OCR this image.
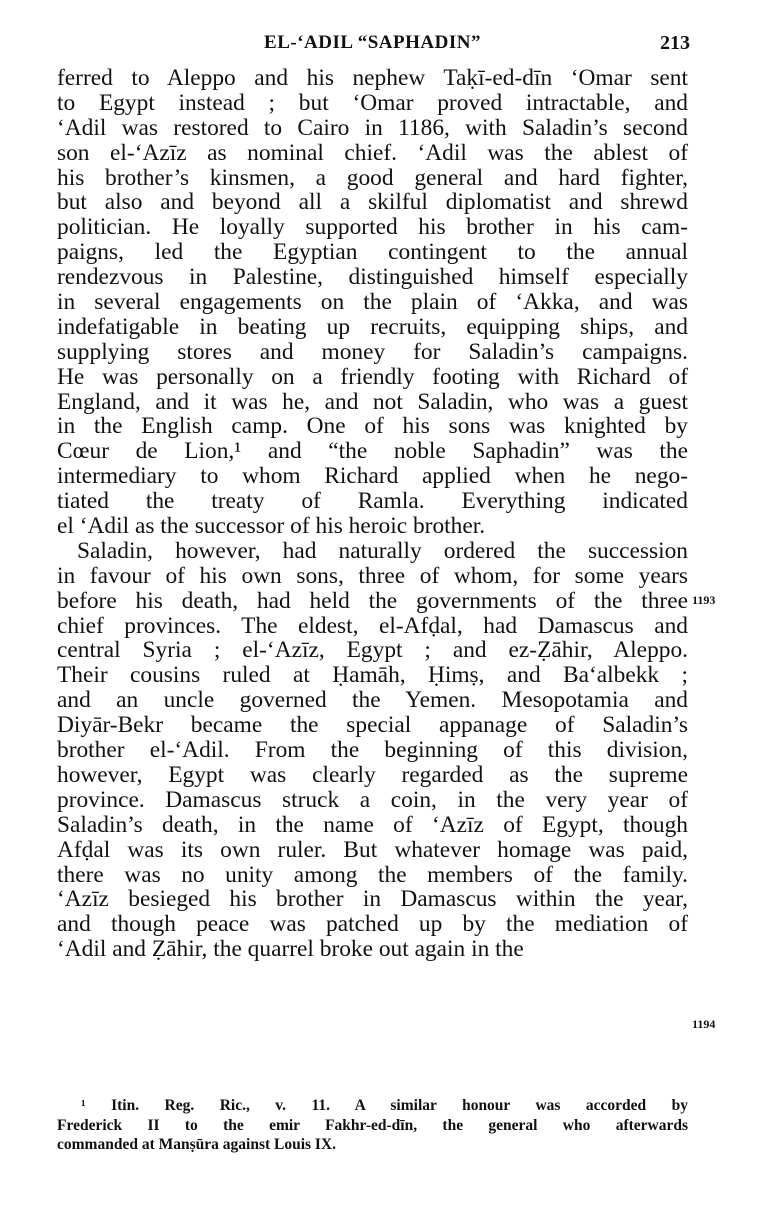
EL-‘ADIL “SAPHADIN”	213
ferred to Aleppo and his nephew Taḳī-ed-dīn ‘Omar sent
to Egypt instead ; but ‘Omar proved intractable, and
‘Adil was restored to Cairo in 1186, with Saladin’s second
son el-‘Azīz as nominal chief. ‘Adil was the ablest of
his brother’s kinsmen, a good general and hard fighter,
but also and beyond all a skilful diplomatist and shrewd
politician. He loyally supported his brother in his cam-
paigns, led the Egyptian contingent to the annual
rendezvous in Palestine, distinguished himself especially
in several engagements on the plain of ‘Akka, and was
indefatigable in beating up recruits, equipping ships, and
supplying stores and money for Saladin’s campaigns.
He was personally on a friendly footing with Richard of
England, and it was he, and not Saladin, who was a guest
in the English camp. One of his sons was knighted by
Cœur de Lion,¹ and “the noble Saphadin” was the
intermediary to whom Richard applied when he nego-
tiated the treaty of Ramla. Everything indicated
el ‘Adil as the successor of his heroic brother.
Saladin, however, had naturally ordered the succession
in favour of his own sons, three of whom, for some years
before his death, had held the governments of the three
chief provinces. The eldest, el-Afḍal, had Damascus and
central Syria ; el-‘Azīz, Egypt ; and ez-Ẓāhir, Aleppo.
Their cousins ruled at Ḥamāh, Ḥimṣ, and Ba‘albekk ;
and an uncle governed the Yemen. Mesopotamia and
Diyār-Bekr became the special appanage of Saladin’s
brother el-‘Adil. From the beginning of this division,
however, Egypt was clearly regarded as the supreme
province. Damascus struck a coin, in the very year of
Saladin’s death, in the name of ‘Azīz of Egypt, though
Afḍal was its own ruler. But whatever homage was paid,
there was no unity among the members of the family.
‘Azīz besieged his brother in Damascus within the year,
and though peace was patched up by the mediation of
‘Adil and Ẓāhir, the quarrel broke out again in the
1193
1194
¹ Itin. Reg. Ric., v. 11. A similar honour was accorded by
Frederick II to the emir Fakhr-ed-dīn, the general who afterwards
commanded at Manṣūra against Louis IX.
